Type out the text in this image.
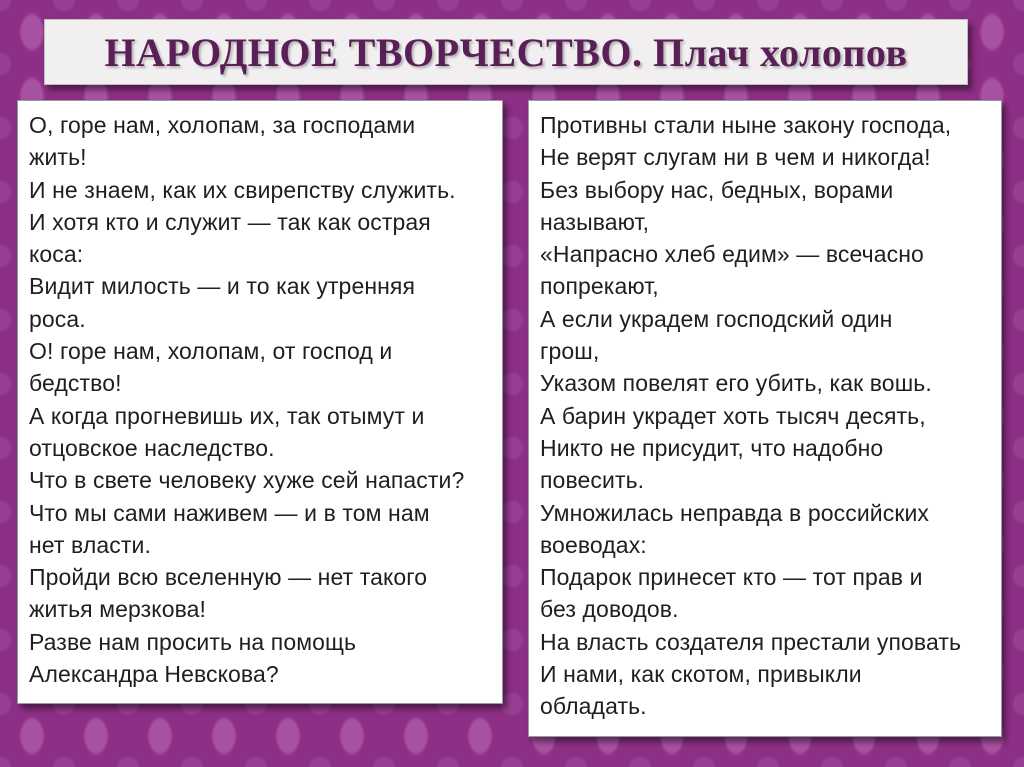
НАРОДНОЕ ТВОРЧЕСТВО. Плач холопов
О, горе нам, холопам, за господами
жить!
И не знаем, как их свирепству служить.
И хотя кто и служит — так как острая
коса:
Видит милость — и то как утренняя
роса.
О! горе нам, холопам, от господ и
бедство!
А когда прогневишь их, так отымут и
отцовское наследство.
Что в свете человеку хуже сей напасти?
Что мы сами наживем — и в том нам
нет власти.
Пройди всю вселенную — нет такого
житья мерзкова!
Разве нам просить на помощь
Александра Невскова?
Противны стали ныне закону господа,
Не верят слугам ни в чем и никогда!
Без выбору нас, бедных, ворами
называют,
«Напрасно хлеб едим» — всечасно
попрекают,
А если украдем господский один
грош,
Указом повелят его убить, как вошь.
А барин украдет хоть тысяч десять,
Никто не присудит, что надобно
повесить.
Умножилась неправда в российских
воеводах:
Подарок принесет кто — тот прав и
без доводов.
На власть создателя престали уповать
И нами, как скотом, привыкли
обладать.
